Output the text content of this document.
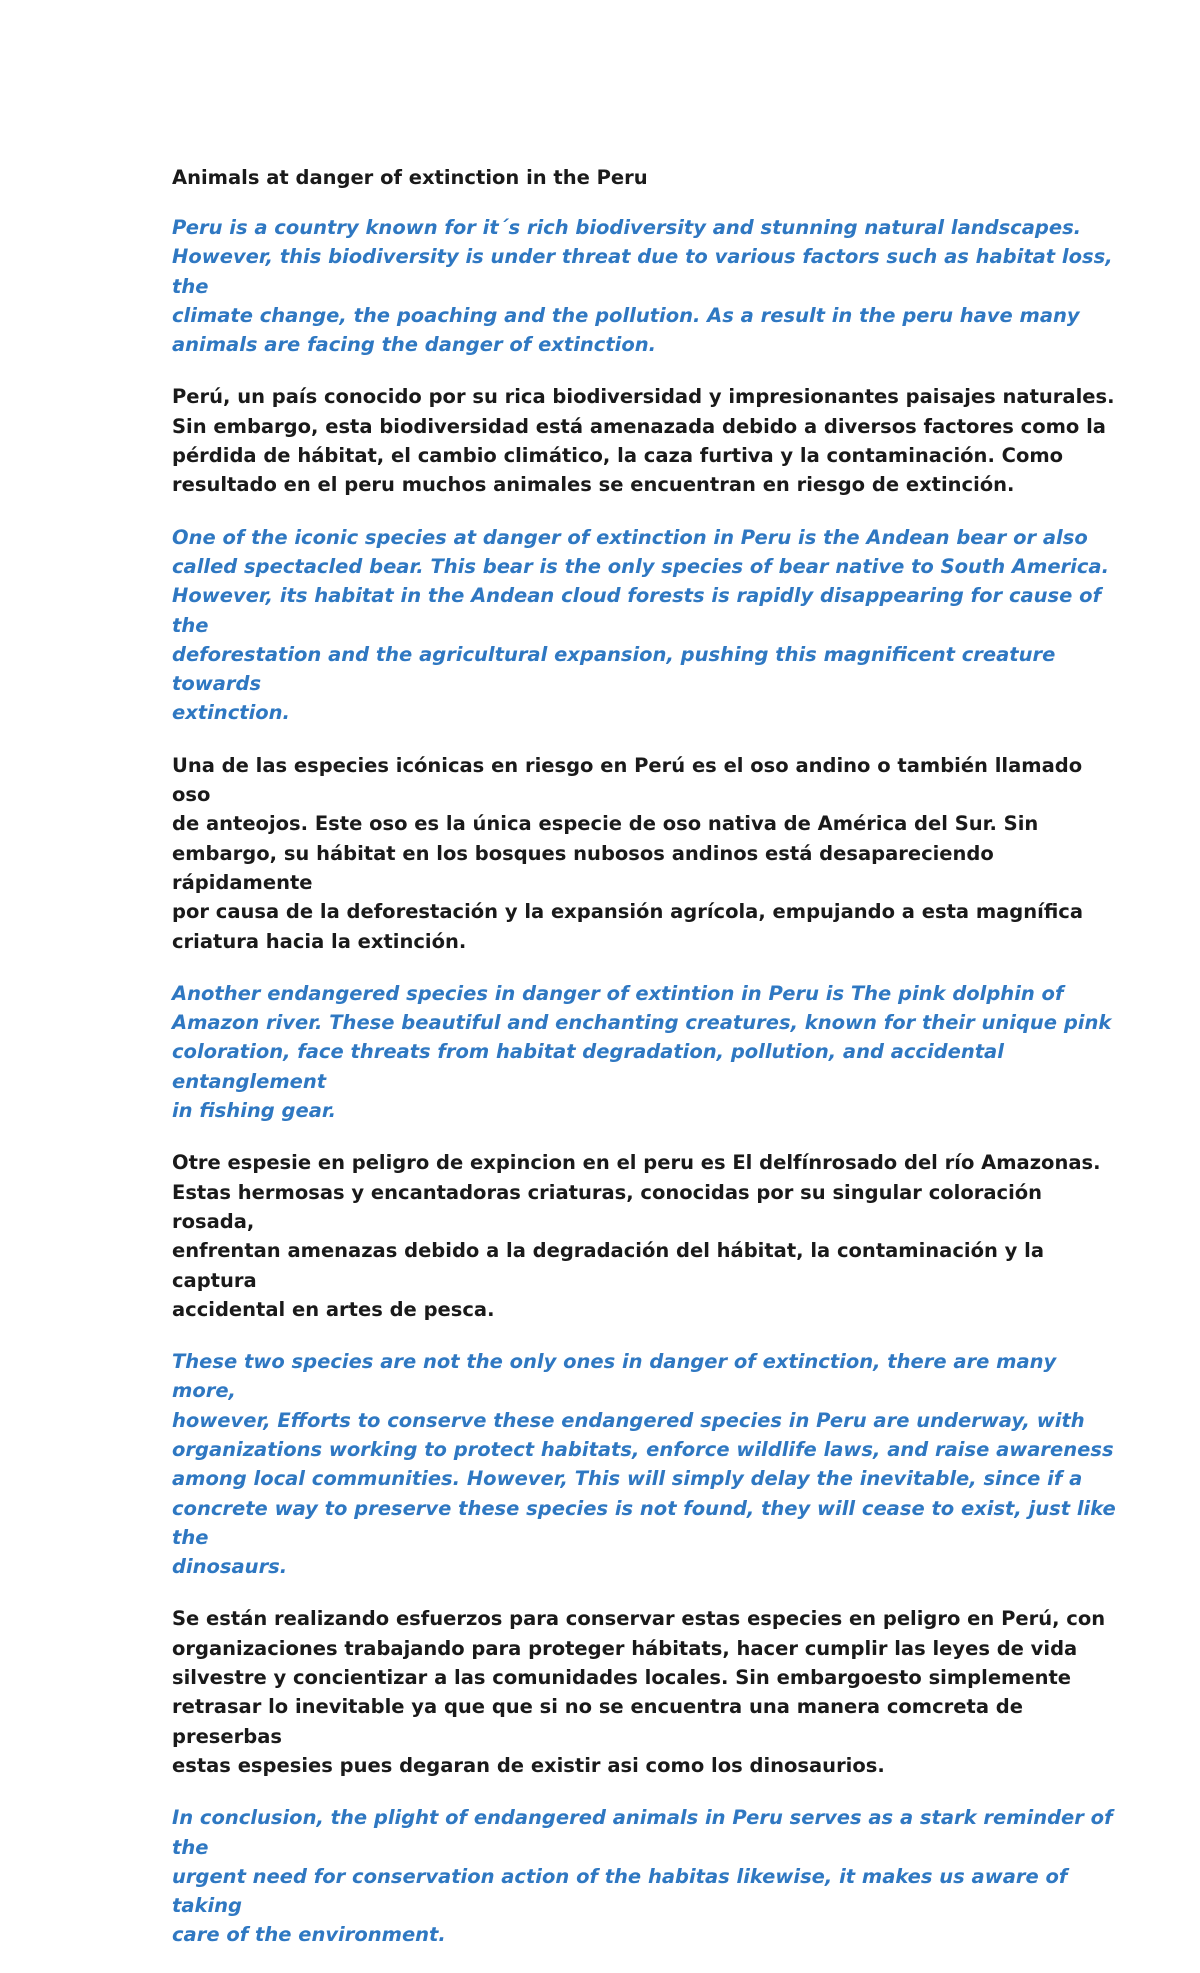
Animals at danger of extinction in the Peru

Peru is a country known for it´s rich biodiversity and stunning natural landscapes.
However, this biodiversity is under threat due to various factors such as habitat loss, the
climate change, the poaching and the pollution. As a result in the peru have many
animals are facing the danger of extinction.

Perú, un país conocido por su rica biodiversidad y impresionantes paisajes naturales.
Sin embargo, esta biodiversidad está amenazada debido a diversos factores como la
pérdida de hábitat, el cambio climático, la caza furtiva y la contaminación. Como
resultado en el peru muchos animales se encuentran en riesgo de extinción.

One of the iconic species at danger of extinction in Peru is the Andean bear or also
called spectacled bear. This bear is the only species of bear native to South America.
However, its habitat in the Andean cloud forests is rapidly disappearing for cause of the
deforestation and the agricultural expansion, pushing this magnificent creature towards
extinction.

Una de las especies icónicas en riesgo en Perú es el oso andino o también llamado oso
de anteojos. Este oso es la única especie de oso nativa de América del Sur. Sin
embargo, su hábitat en los bosques nubosos andinos está desapareciendo rápidamente
por causa de la deforestación y la expansión agrícola, empujando a esta magnífica
criatura hacia la extinción.

Another endangered species in danger of extintion in Peru is The pink dolphin of
Amazon river. These beautiful and enchanting creatures, known for their unique pink
coloration, face threats from habitat degradation, pollution, and accidental entanglement
in fishing gear.

Otre espesie en peligro de expincion en el peru es El delfínrosado del río Amazonas.
Estas hermosas y encantadoras criaturas, conocidas por su singular coloración rosada,
enfrentan amenazas debido a la degradación del hábitat, la contaminación y la captura
accidental en artes de pesca.

These two species are not the only ones in danger of extinction, there are many more,
however, Efforts to conserve these endangered species in Peru are underway, with
organizations working to protect habitats, enforce wildlife laws, and raise awareness
among local communities. However, This will simply delay the inevitable, since if a
concrete way to preserve these species is not found, they will cease to exist, just like the
dinosaurs.

Se están realizando esfuerzos para conservar estas especies en peligro en Perú, con
organizaciones trabajando para proteger hábitats, hacer cumplir las leyes de vida
silvestre y concientizar a las comunidades locales. Sin embargoesto simplemente
retrasar lo inevitable ya que que si no se encuentra una manera comcreta de preserbas
estas espesies pues degaran de existir asi como los dinosaurios.

In conclusion, the plight of endangered animals in Peru serves as a stark reminder of the
urgent need for conservation action of the habitas likewise, it makes us aware of taking
care of the environment.
